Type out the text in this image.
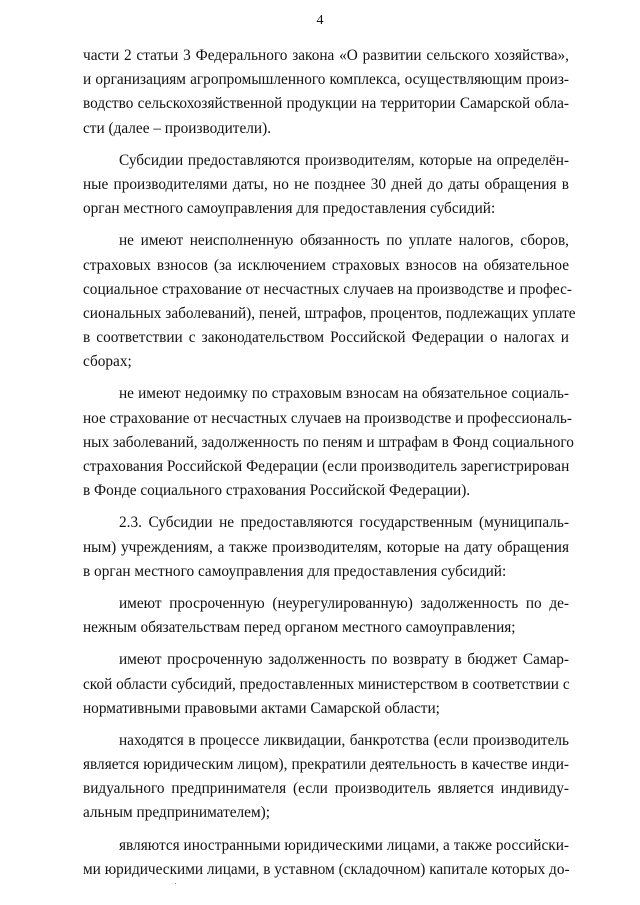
4
части 2 статьи 3 Федерального закона «О развитии сельского хозяйства»,
и организациям агропромышленного комплекса, осуществляющим произ-
водство сельскохозяйственной продукции на территории Самарской обла-
сти (далее – производители).
Субсидии предоставляются производителям, которые на определён-
ные производителями даты, но не позднее 30 дней до даты обращения в
орган местного самоуправления для предоставления субсидий:
не имеют неисполненную обязанность по уплате налогов, сборов,
страховых взносов (за исключением страховых взносов на обязательное
социальное страхование от несчастных случаев на производстве и профес-
сиональных заболеваний), пеней, штрафов, процентов, подлежащих уплате
в соответствии с законодательством Российской Федерации о налогах и
сборах;
не имеют недоимку по страховым взносам на обязательное социаль-
ное страхование от несчастных случаев на производстве и профессиональ-
ных заболеваний, задолженность по пеням и штрафам в Фонд социального
страхования Российской Федерации (если производитель зарегистрирован
в Фонде социального страхования Российской Федерации).
2.3. Субсидии не предоставляются государственным (муниципаль-
ным) учреждениям, а также производителям, которые на дату обращения
в орган местного самоуправления для предоставления субсидий:
имеют просроченную (неурегулированную) задолженность по де-
нежным обязательствам перед органом местного самоуправления;
имеют просроченную задолженность по возврату в бюджет Самар-
ской области субсидий, предоставленных министерством в соответствии с
нормативными правовыми актами Самарской области;
находятся в процессе ликвидации, банкротства (если производитель
является юридическим лицом), прекратили деятельность в качестве инди-
видуального предпринимателя (если производитель является индивиду-
альным предпринимателем);
являются иностранными юридическими лицами, а также российски-
ми юридическими лицами, в уставном (складочном) капитале которых до-
